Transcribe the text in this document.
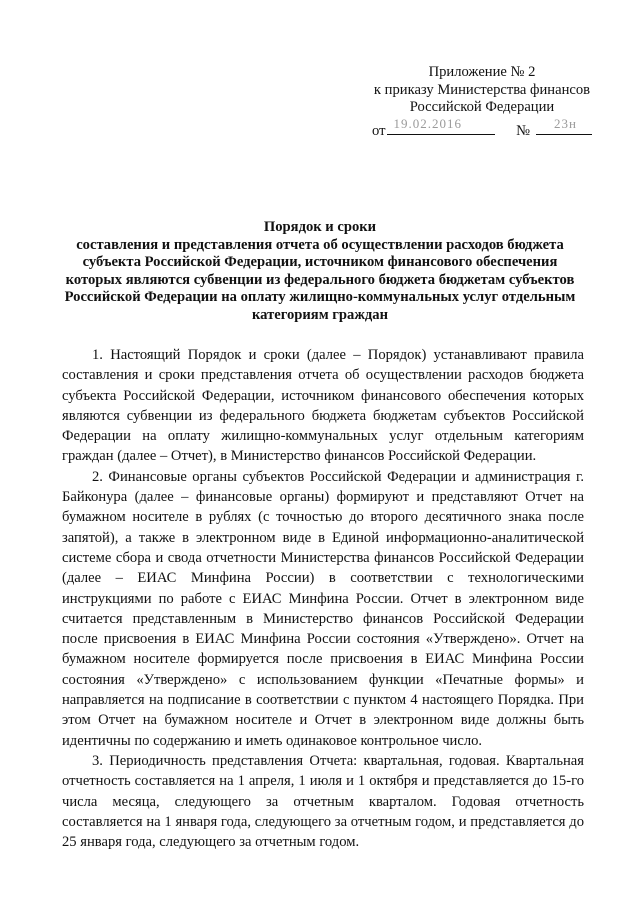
Приложение № 2
к приказу Министерства финансов
Российской Федерации
от 19.02.2016	№ 23н
Порядок и сроки
составления и представления отчета об осуществлении расходов бюджета
субъекта Российской Федерации, источником финансового обеспечения
которых являются субвенции из федерального бюджета бюджетам субъектов
Российской Федерации на оплату жилищно-коммунальных услуг отдельным
категориям граждан

1. Настоящий Порядок и сроки (далее – Порядок) устанавливают правила составления и сроки представления отчета об осуществлении расходов бюджета субъекта Российской Федерации, источником финансового обеспечения которых являются субвенции из федерального бюджета бюджетам субъектов Российской Федерации на оплату жилищно-коммунальных услуг отдельным категориям граждан (далее – Отчет), в Министерство финансов Российской Федерации.

2. Финансовые органы субъектов Российской Федерации и администрация г. Байконура (далее – финансовые органы) формируют и представляют Отчет на бумажном носителе в рублях (с точностью до второго десятичного знака после запятой), а также в электронном виде в Единой информационно-аналитической системе сбора и свода отчетности Министерства финансов Российской Федерации (далее – ЕИАС Минфина России) в соответствии с технологическими инструкциями по работе с ЕИАС Минфина России. Отчет в электронном виде считается представленным в Министерство финансов Российской Федерации после присвоения в ЕИАС Минфина России состояния «Утверждено». Отчет на бумажном носителе формируется после присвоения в ЕИАС Минфина России состояния «Утверждено» с использованием функции «Печатные формы» и направляется на подписание в соответствии с пунктом 4 настоящего Порядка. При этом Отчет на бумажном носителе и Отчет в электронном виде должны быть идентичны по содержанию и иметь одинаковое контрольное число.

3. Периодичность представления Отчета: квартальная, годовая. Квартальная отчетность составляется на 1 апреля, 1 июля и 1 октября и представляется до 15-го числа месяца, следующего за отчетным кварталом. Годовая отчетность составляется на 1 января года, следующего за отчетным годом, и представляется до 25 января года, следующего за отчетным годом.
